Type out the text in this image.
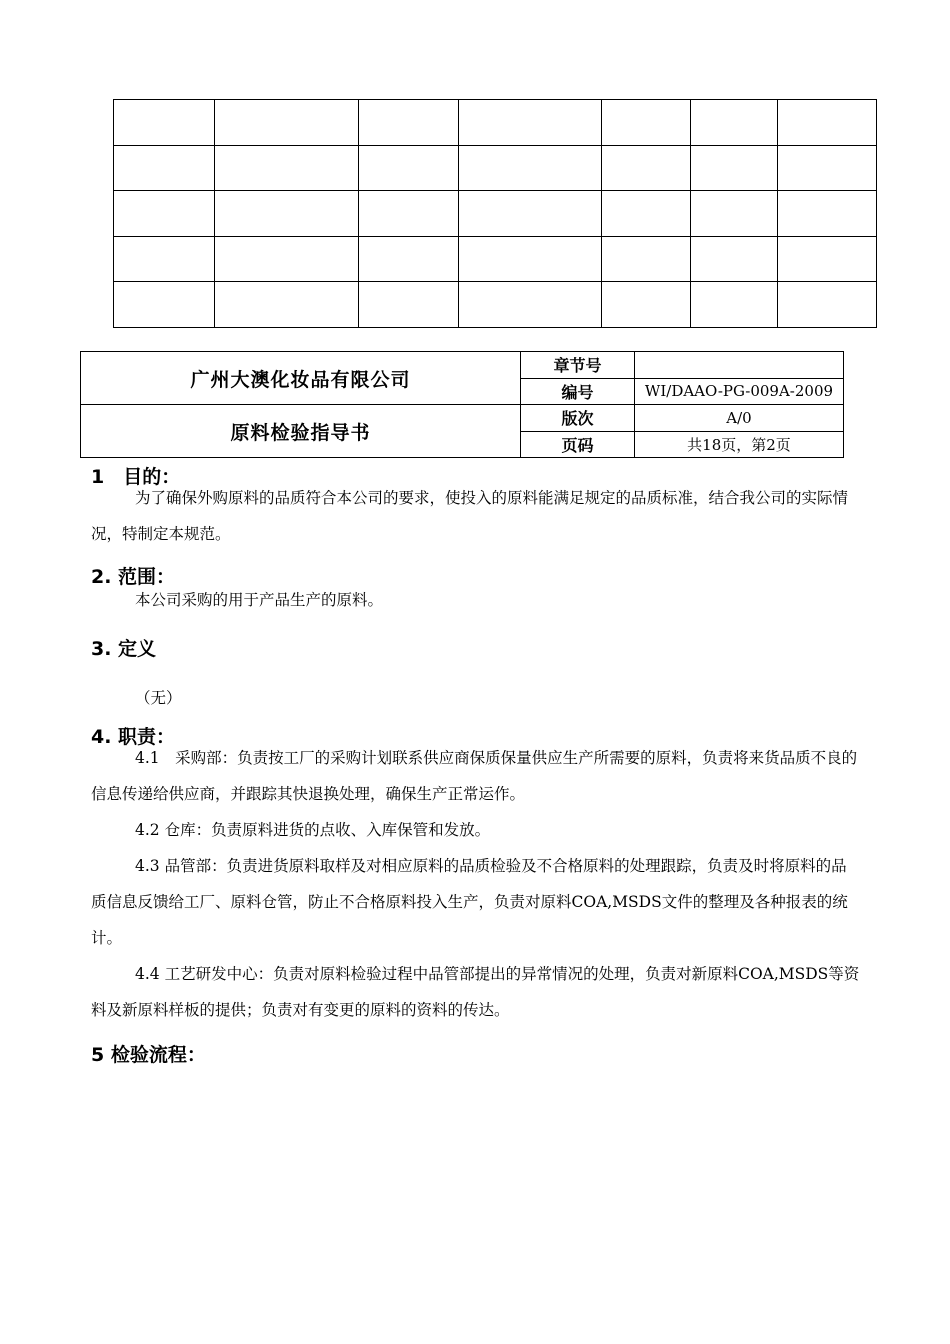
广州大澳化妆品有限公司	章节号	
	编号	WI/DAAO-PG-009A-2009
原料检验指导书	版次	A/0
	页码	共18页，第2页
1　目的：

为了确保外购原料的品质符合本公司的要求，使投入的原料能满足规定的品质标准，结合我公司的实际情况，特制定本规范。

2. 范围：

本公司采购的用于产品生产的原料。

3. 定义

（无）

4. 职责：

4.1　采购部：负责按工厂的采购计划联系供应商保质保量供应生产所需要的原料，负责将来货品质不良的信息传递给供应商，并跟踪其快退换处理，确保生产正常运作。

4.2 仓库：负责原料进货的点收、入库保管和发放。

4.3 品管部：负责进货原料取样及对相应原料的品质检验及不合格原料的处理跟踪，负责及时将原料的品质信息反馈给工厂、原料仓管，防止不合格原料投入生产，负责对原料COA,MSDS文件的整理及各种报表的统计。

4.4 工艺研发中心：负责对原料检验过程中品管部提出的异常情况的处理，负责对新原料COA,MSDS等资料及新原料样板的提供；负责对有变更的原料的资料的传达。

5 检验流程：
